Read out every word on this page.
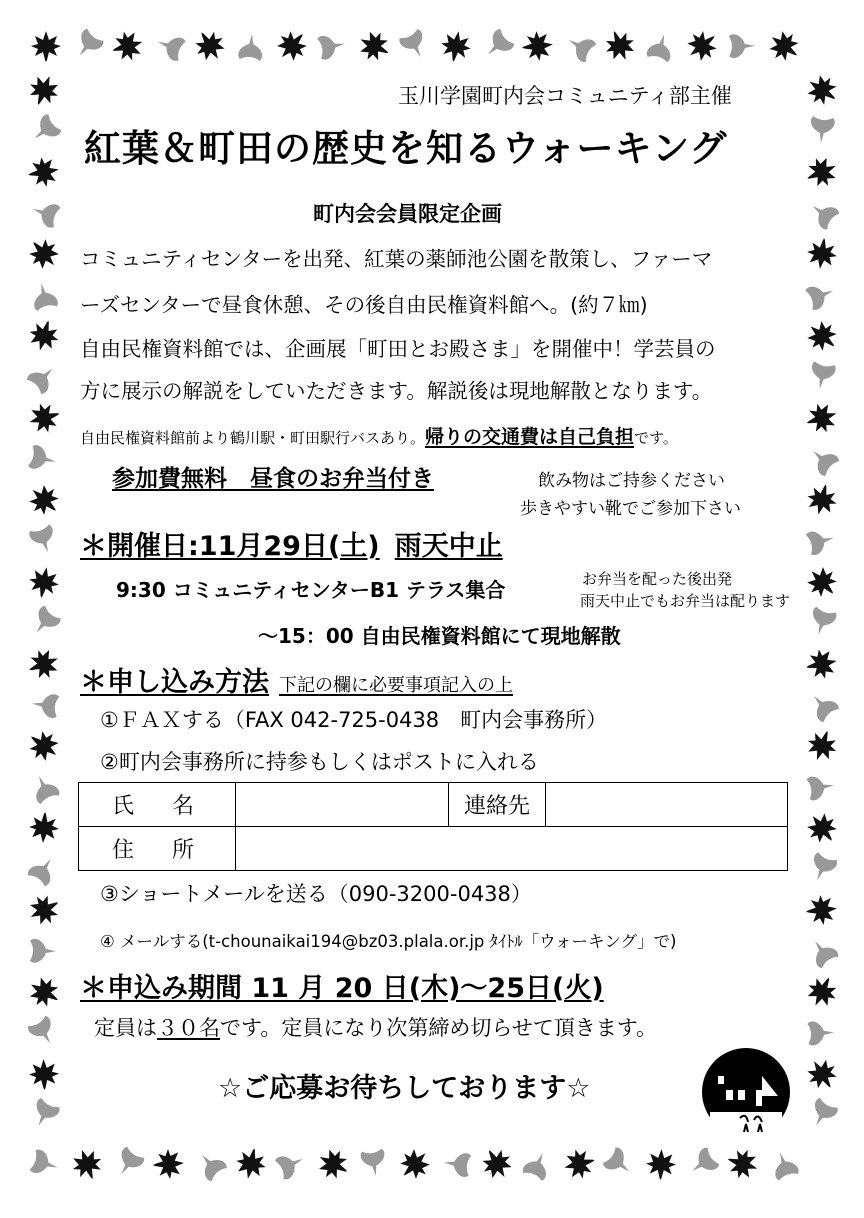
玉川学園町内会コミュニティ部主催
紅葉＆町田の歴史を知るウォーキング
町内会会員限定企画
コミュニティセンターを出発、紅葉の薬師池公園を散策し、ファーマ
ーズセンターで昼食休憩、その後自由民権資料館へ。(約７㎞)
自由民権資料館では、企画展「町田とお殿さま」を開催中！学芸員の
方に展示の解説をしていただきます。解説後は現地解散となります。
自由民権資料館前より鶴川駅・町田駅行バスあり。帰りの交通費は自己負担です。
参加費無料　昼食のお弁当付き	飲み物はご持参ください
歩きやすい靴でご参加下さい
＊開催日:11月29日(土) 雨天中止
9:30 コミュニティセンターB1 テラス集合	お弁当を配った後出発
雨天中止でもお弁当は配ります
～15：00 自由民権資料館にて現地解散
＊申し込み方法 下記の欄に必要事項記入の上
①ＦＡＸする（FAX 042-725-0438　町内会事務所）
②町内会事務所に持参もしくはポストに入れる
氏　名		連絡先	
住　所			
③ショートメールを送る（090-3200-0438）
④ メールする(t-chounaikai194@bz03.plala.or.jp ﾀｲﾄﾙ「ウォーキング」で)
＊申込み期間 11 月 20 日(木)～25日(火)
定員は３０名です。定員になり次第締め切らせて頂きます。
☆ご応募お待ちしております☆
